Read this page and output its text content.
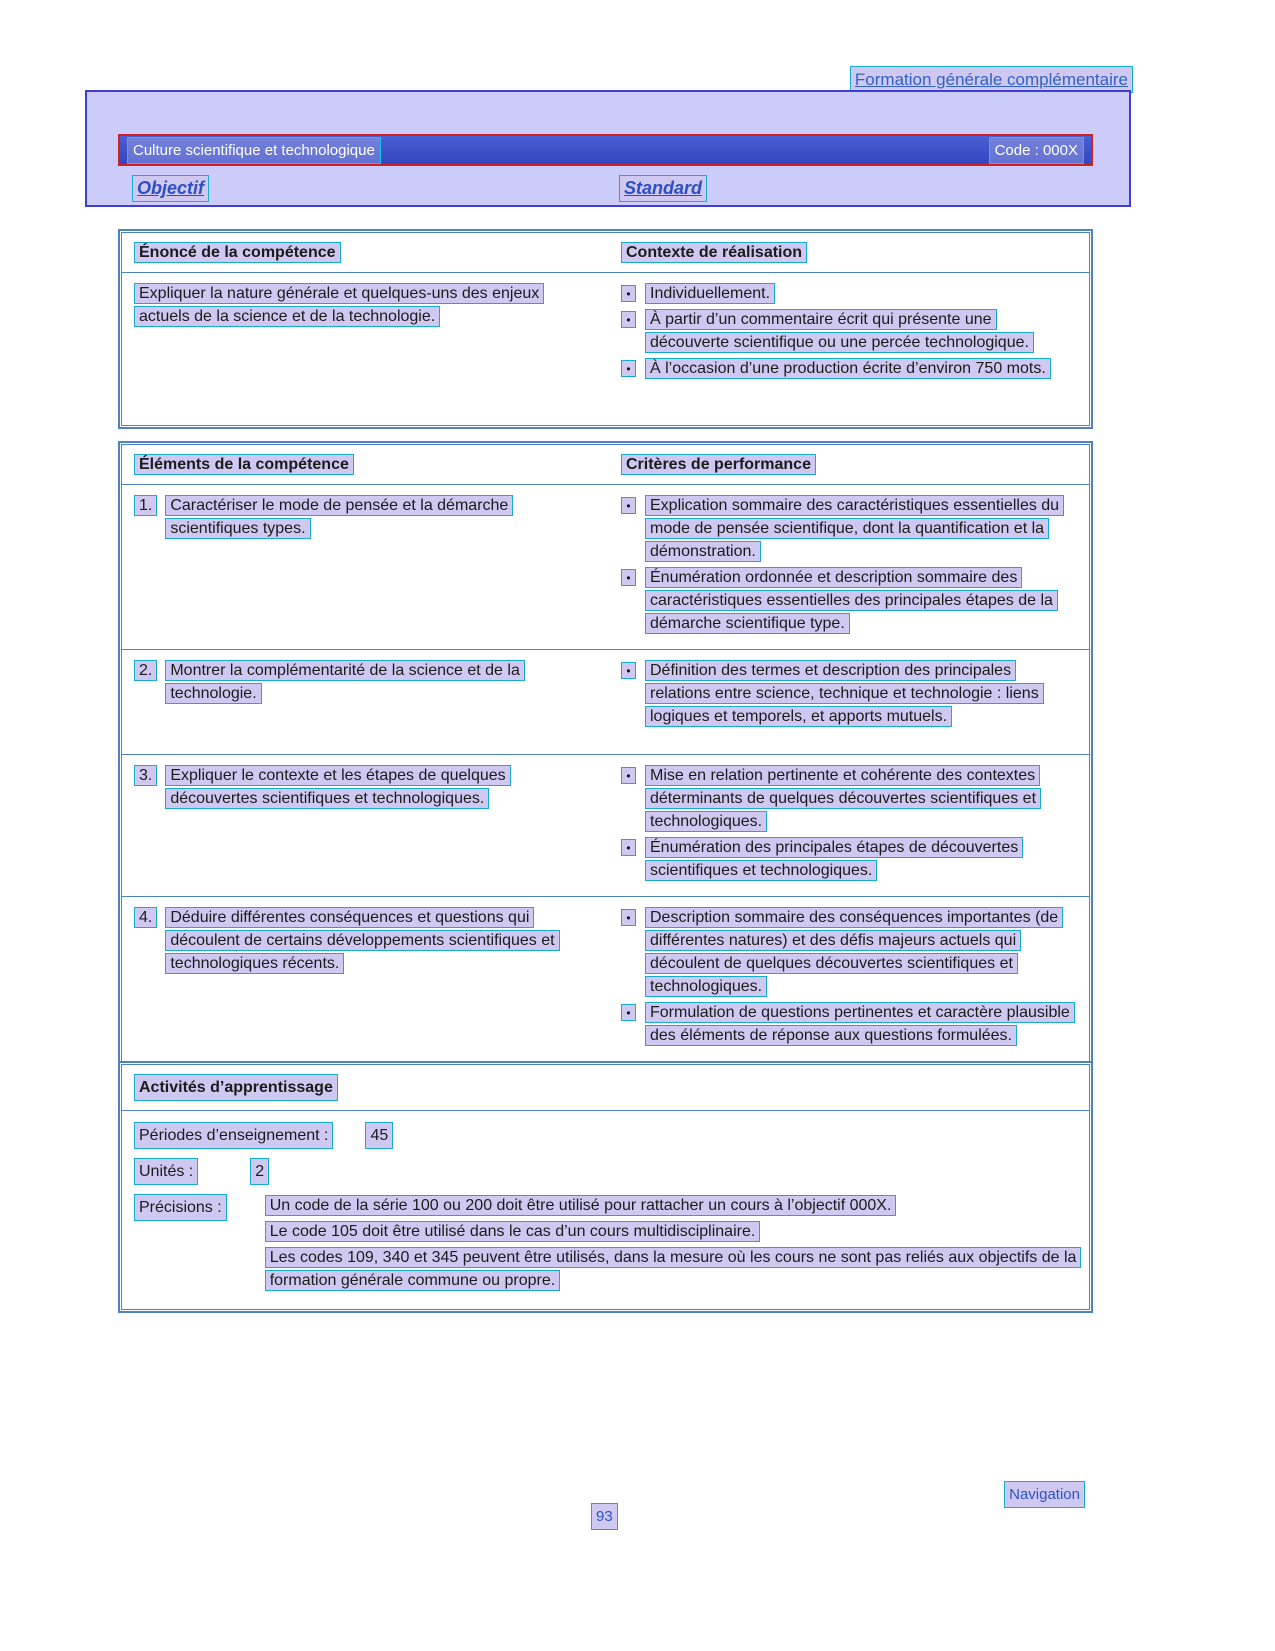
Formation générale complémentaire
Culture scientifique et technologique	Code : 000X
Objectif	Standard
Énoncé de la compétence	Contexte de réalisation
Expliquer la nature générale et quelques-uns des enjeux actuels de la science et de la technologie.
•	Individuellement.
•	À partir d’un commentaire écrit qui présente une découverte scientifique ou une percée technologique.
•	À l’occasion d’une production écrite d’environ 750 mots.
Éléments de la compétence	Critères de performance
1.	Caractériser le mode de pensée et la démarche scientifiques types.
•	Explication sommaire des caractéristiques essentielles du mode de pensée scientifique, dont la quantification et la démonstration.
•	Énumération ordonnée et description sommaire des caractéristiques essentielles des principales étapes de la démarche scientifique type.
2.	Montrer la complémentarité de la science et de la technologie.
•	Définition des termes et description des principales relations entre science, technique et technologie : liens logiques et temporels, et apports mutuels.
3.	Expliquer le contexte et les étapes de quelques découvertes scientifiques et technologiques.
•	Mise en relation pertinente et cohérente des contextes déterminants de quelques découvertes scientifiques et technologiques.
•	Énumération des principales étapes de découvertes scientifiques et technologiques.
4.	Déduire différentes conséquences et questions qui découlent de certains développements scientifiques et technologiques récents.
•	Description sommaire des conséquences importantes (de différentes natures) et des défis majeurs actuels qui découlent de quelques découvertes scientifiques et technologiques.
•	Formulation de questions pertinentes et caractère plausible des éléments de réponse aux questions formulées.
Activités d’apprentissage
Périodes d’enseignement :	45
Unités :	2
Précisions :	Un code de la série 100 ou 200 doit être utilisé pour rattacher un cours à l’objectif 000X.
Le code 105 doit être utilisé dans le cas d’un cours multidisciplinaire.
Les codes 109, 340 et 345 peuvent être utilisés, dans la mesure où les cours ne sont pas reliés aux objectifs de la formation générale commune ou propre.
Navigation
93
